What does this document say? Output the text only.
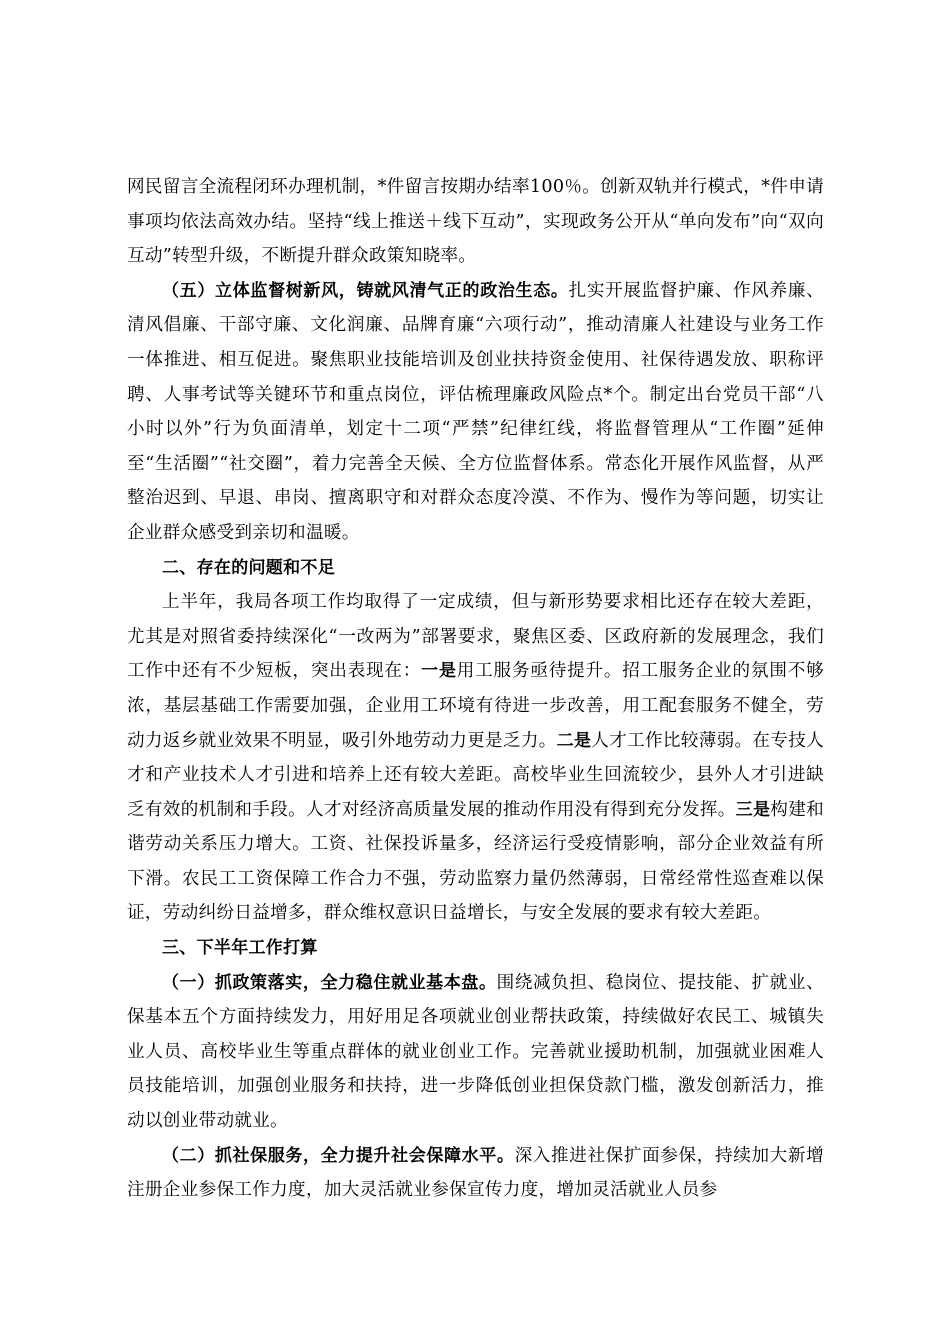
网民留言全流程闭环办理机制，*件留言按期办结率100％。创新双轨并行模式，*件申请事项均依法高效办结。坚持“线上推送＋线下互动”，实现政务公开从“单向发布”向“双向互动”转型升级，不断提升群众政策知晓率。

（五）立体监督树新风，铸就风清气正的政治生态。扎实开展监督护廉、作风养廉、清风倡廉、干部守廉、文化润廉、品牌育廉“六项行动”，推动清廉人社建设与业务工作一体推进、相互促进。聚焦职业技能培训及创业扶持资金使用、社保待遇发放、职称评聘、人事考试等关键环节和重点岗位，评估梳理廉政风险点*个。制定出台党员干部“八小时以外”行为负面清单，划定十二项“严禁”纪律红线，将监督管理从“工作圈”延伸至“生活圈”“社交圈”，着力完善全天候、全方位监督体系。常态化开展作风监督，从严整治迟到、早退、串岗、擅离职守和对群众态度冷漠、不作为、慢作为等问题，切实让企业群众感受到亲切和温暖。

二、存在的问题和不足

上半年，我局各项工作均取得了一定成绩，但与新形势要求相比还存在较大差距，尤其是对照省委持续深化“一改两为”部署要求，聚焦区委、区政府新的发展理念，我们工作中还有不少短板，突出表现在：一是用工服务亟待提升。招工服务企业的氛围不够浓，基层基础工作需要加强，企业用工环境有待进一步改善，用工配套服务不健全，劳动力返乡就业效果不明显，吸引外地劳动力更是乏力。二是人才工作比较薄弱。在专技人才和产业技术人才引进和培养上还有较大差距。高校毕业生回流较少，县外人才引进缺乏有效的机制和手段。人才对经济高质量发展的推动作用没有得到充分发挥。三是构建和谐劳动关系压力增大。工资、社保投诉量多，经济运行受疫情影响，部分企业效益有所下滑。农民工工资保障工作合力不强，劳动监察力量仍然薄弱，日常经常性巡查难以保证，劳动纠纷日益增多，群众维权意识日益增长，与安全发展的要求有较大差距。

三、下半年工作打算

（一）抓政策落实，全力稳住就业基本盘。围绕减负担、稳岗位、提技能、扩就业、保基本五个方面持续发力，用好用足各项就业创业帮扶政策，持续做好农民工、城镇失业人员、高校毕业生等重点群体的就业创业工作。完善就业援助机制，加强就业困难人员技能培训，加强创业服务和扶持，进一步降低创业担保贷款门槛，激发创新活力，推动以创业带动就业。

（二）抓社保服务，全力提升社会保障水平。深入推进社保扩面参保，持续加大新增注册企业参保工作力度，加大灵活就业参保宣传力度，增加灵活就业人员参
